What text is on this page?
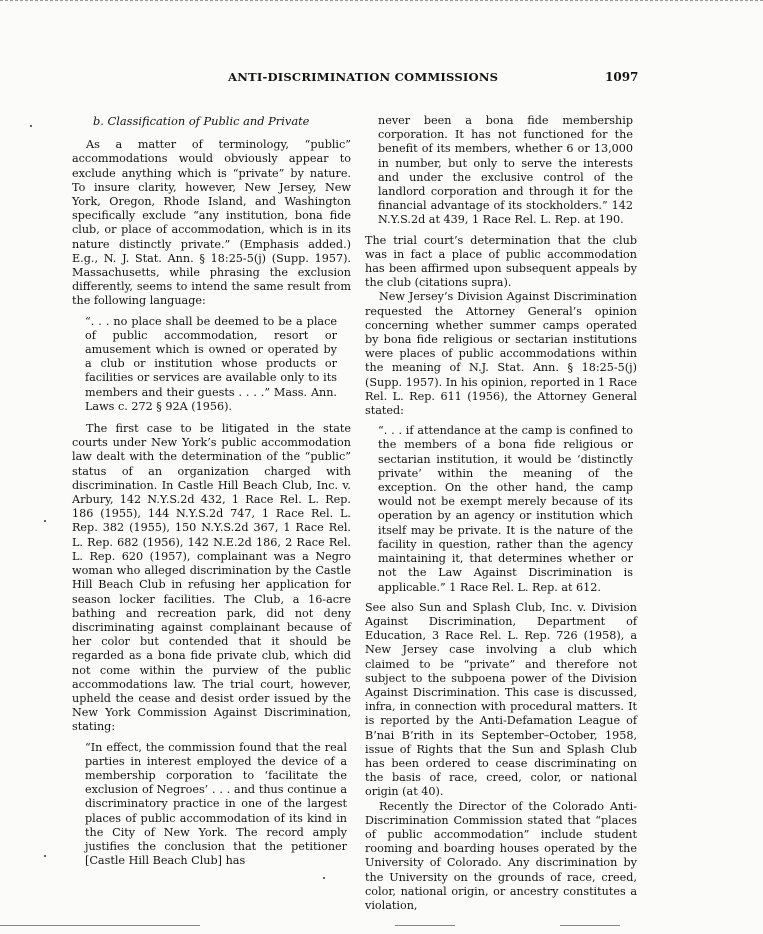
ANTI-DISCRIMINATION COMMISSIONS	1097

b. Classification of Public and Private

As a matter of terminology, “public” accommodations would obviously appear to exclude anything which is “private” by nature. To insure clarity, however, New Jersey, New York, Oregon, Rhode Island, and Washington specifically exclude “any institution, bona fide club, or place of accommodation, which is in its nature distinctly private.” (Emphasis added.) E.g., N. J. Stat. Ann. § 18:25-5(j) (Supp. 1957). Massachusetts, while phrasing the exclusion differently, seems to intend the same result from the following language:

“. . . no place shall be deemed to be a place of public accommodation, resort or amusement which is owned or operated by a club or institution whose products or facilities or services are available only to its members and their guests . . . .” Mass. Ann. Laws c. 272 § 92A (1956).

The first case to be litigated in the state courts under New York’s public accommodation law dealt with the determination of the “public” status of an organization charged with discrimination. In Castle Hill Beach Club, Inc. v. Arbury, 142 N.Y.S.2d 432, 1 Race Rel. L. Rep. 186 (1955), 144 N.Y.S.2d 747, 1 Race Rel. L. Rep. 382 (1955), 150 N.Y.S.2d 367, 1 Race Rel. L. Rep. 682 (1956), 142 N.E.2d 186, 2 Race Rel. L. Rep. 620 (1957), complainant was a Negro woman who alleged discrimination by the Castle Hill Beach Club in refusing her application for season locker facilities. The Club, a 16-acre bathing and recreation park, did not deny discriminating against complainant because of her color but contended that it should be regarded as a bona fide private club, which did not come within the purview of the public accommodations law. The trial court, however, upheld the cease and desist order issued by the New York Commission Against Discrimination, stating:

“In effect, the commission found that the real parties in interest employed the device of a membership corporation to ‘facilitate the exclusion of Negroes’ . . . and thus continue a discriminatory practice in one of the largest places of public accommodation of its kind in the City of New York. The record amply justifies the conclusion that the petitioner [Castle Hill Beach Club] has

never been a bona fide membership corporation. It has not functioned for the benefit of its members, whether 6 or 13,000 in number, but only to serve the interests and under the exclusive control of the landlord corporation and through it for the financial advantage of its stockholders.” 142 N.Y.S.2d at 439, 1 Race Rel. L. Rep. at 190.

The trial court’s determination that the club was in fact a place of public accommodation has been affirmed upon subsequent appeals by the club (citations supra).

New Jersey’s Division Against Discrimination requested the Attorney General’s opinion concerning whether summer camps operated by bona fide religious or sectarian institutions were places of public accommodations within the meaning of N.J. Stat. Ann. § 18:25-5(j) (Supp. 1957). In his opinion, reported in 1 Race Rel. L. Rep. 611 (1956), the Attorney General stated:

“. . . if attendance at the camp is confined to the members of a bona fide religious or sectarian institution, it would be ‘distinctly private’ within the meaning of the exception. On the other hand, the camp would not be exempt merely because of its operation by an agency or institution which itself may be private. It is the nature of the facility in question, rather than the agency maintaining it, that determines whether or not the Law Against Discrimination is applicable.” 1 Race Rel. L. Rep. at 612.

See also Sun and Splash Club, Inc. v. Division Against Discrimination, Department of Education, 3 Race Rel. L. Rep. 726 (1958), a New Jersey case involving a club which claimed to be “private” and therefore not subject to the subpoena power of the Division Against Discrimination. This case is discussed, infra, in connection with procedural matters. It is reported by the Anti-Defamation League of B’nai B’rith in its September–October, 1958, issue of Rights that the Sun and Splash Club has been ordered to cease discriminating on the basis of race, creed, color, or national origin (at 40).

Recently the Director of the Colorado Anti-Discrimination Commission stated that “places of public accommodation” include student rooming and boarding houses operated by the University of Colorado. Any discrimination by the University on the grounds of race, creed, color, national origin, or ancestry constitutes a violation,
